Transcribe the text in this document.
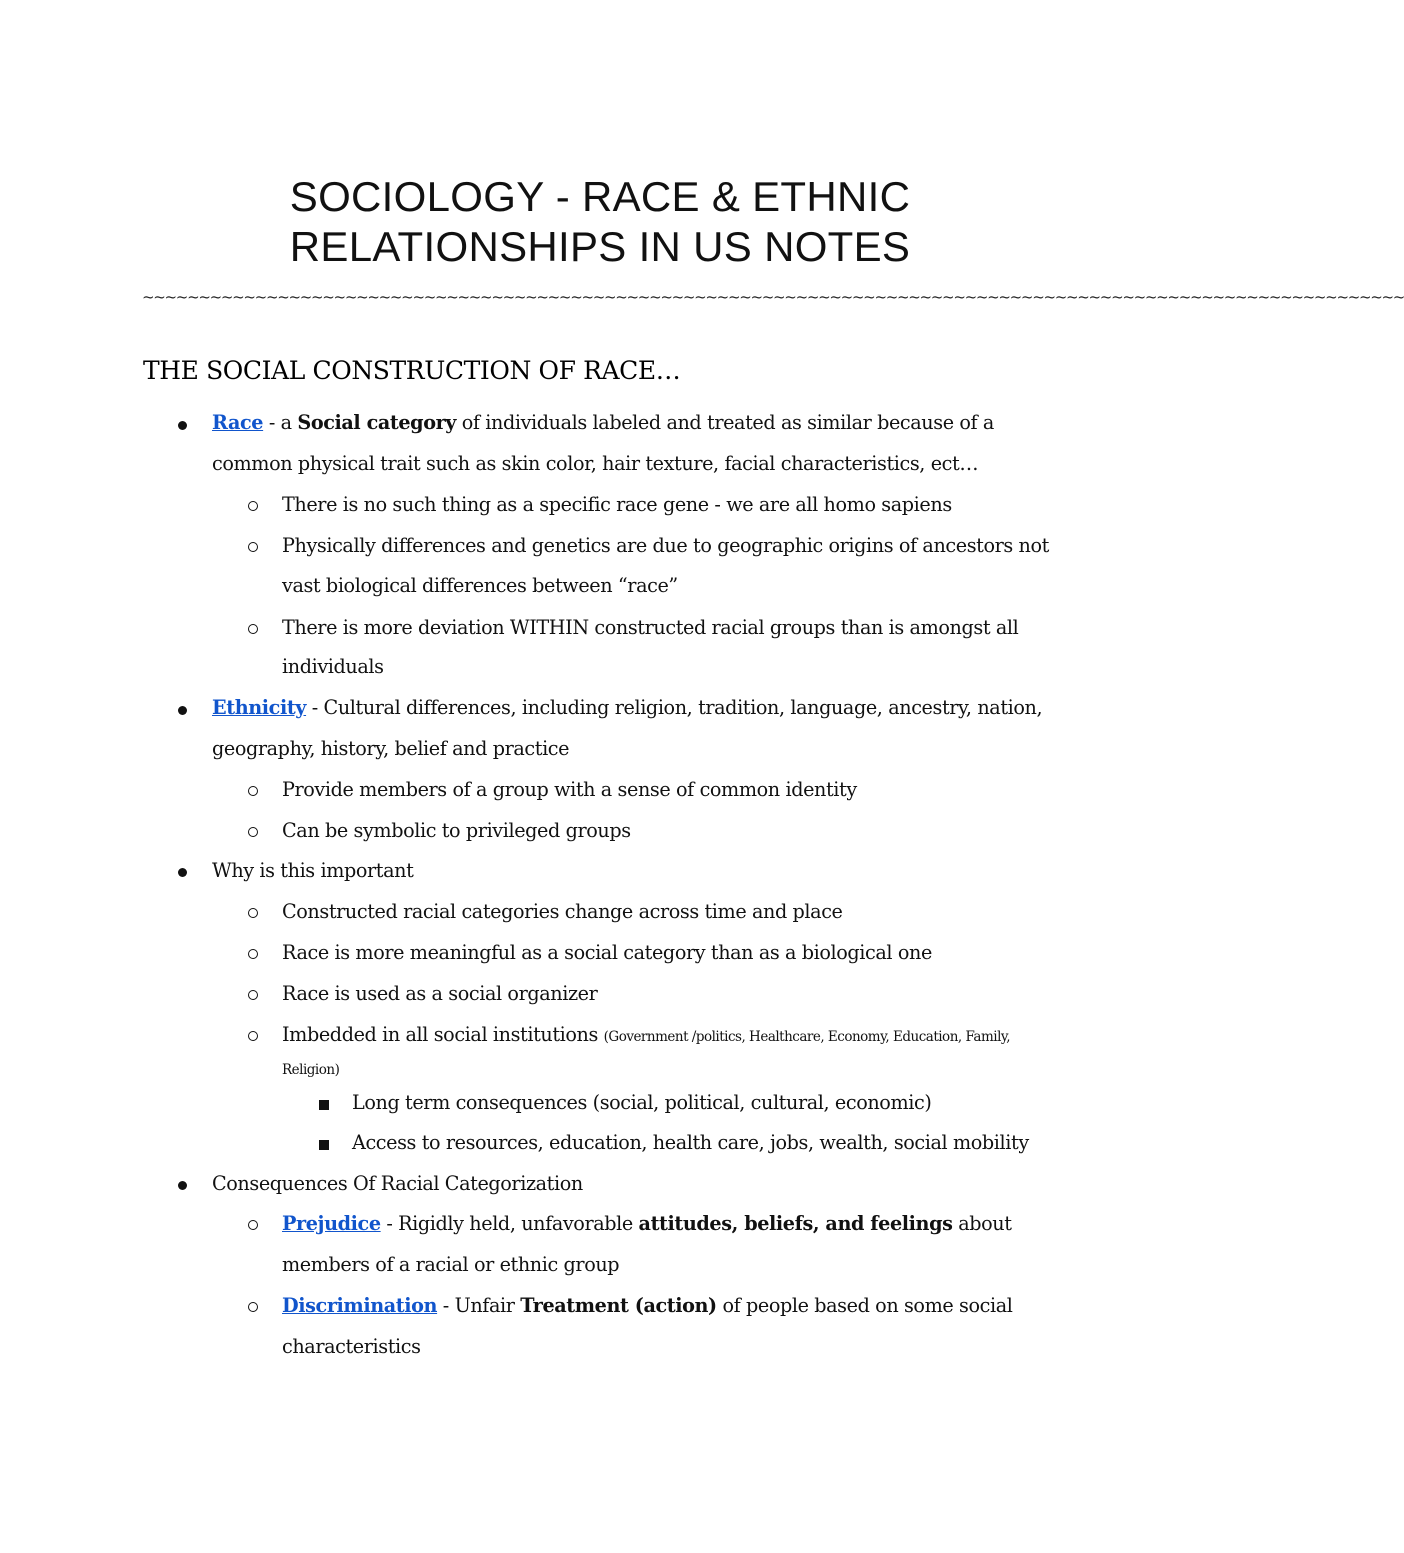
SOCIOLOGY - RACE & ETHNIC
RELATIONSHIPS IN US NOTES
~~~~~~~~~~~~~~~~~~~~~~~~~~~~~~~~~~~~~~~~~~~~~~~~~~~~~~~~~~~~~~~~~~~~~~~~~~~~~~~~~~~~~~~~~~~~~~~~~~~~~~~~~~~~~~~~
THE SOCIAL CONSTRUCTION OF RACE…
Race - a Social category of individuals labeled and treated as similar because of a
common physical trait such as skin color, hair texture, facial characteristics, ect…
There is no such thing as a specific race gene - we are all homo sapiens
Physically differences and genetics are due to geographic origins of ancestors not
vast biological differences between “race”
There is more deviation WITHIN constructed racial groups than is amongst all
individuals
Ethnicity - Cultural differences, including religion, tradition, language, ancestry, nation,
geography, history, belief and practice
Provide members of a group with a sense of common identity
Can be symbolic to privileged groups
Why is this important
Constructed racial categories change across time and place
Race is more meaningful as a social category than as a biological one
Race is used as a social organizer
Imbedded in all social institutions (Government /politics, Healthcare, Economy, Education, Family,
Religion)
Long term consequences (social, political, cultural, economic)
Access to resources, education, health care, jobs, wealth, social mobility
Consequences Of Racial Categorization
Prejudice - Rigidly held, unfavorable attitudes, beliefs, and feelings about
members of a racial or ethnic group
Discrimination - Unfair Treatment (action) of people based on some social
characteristics
